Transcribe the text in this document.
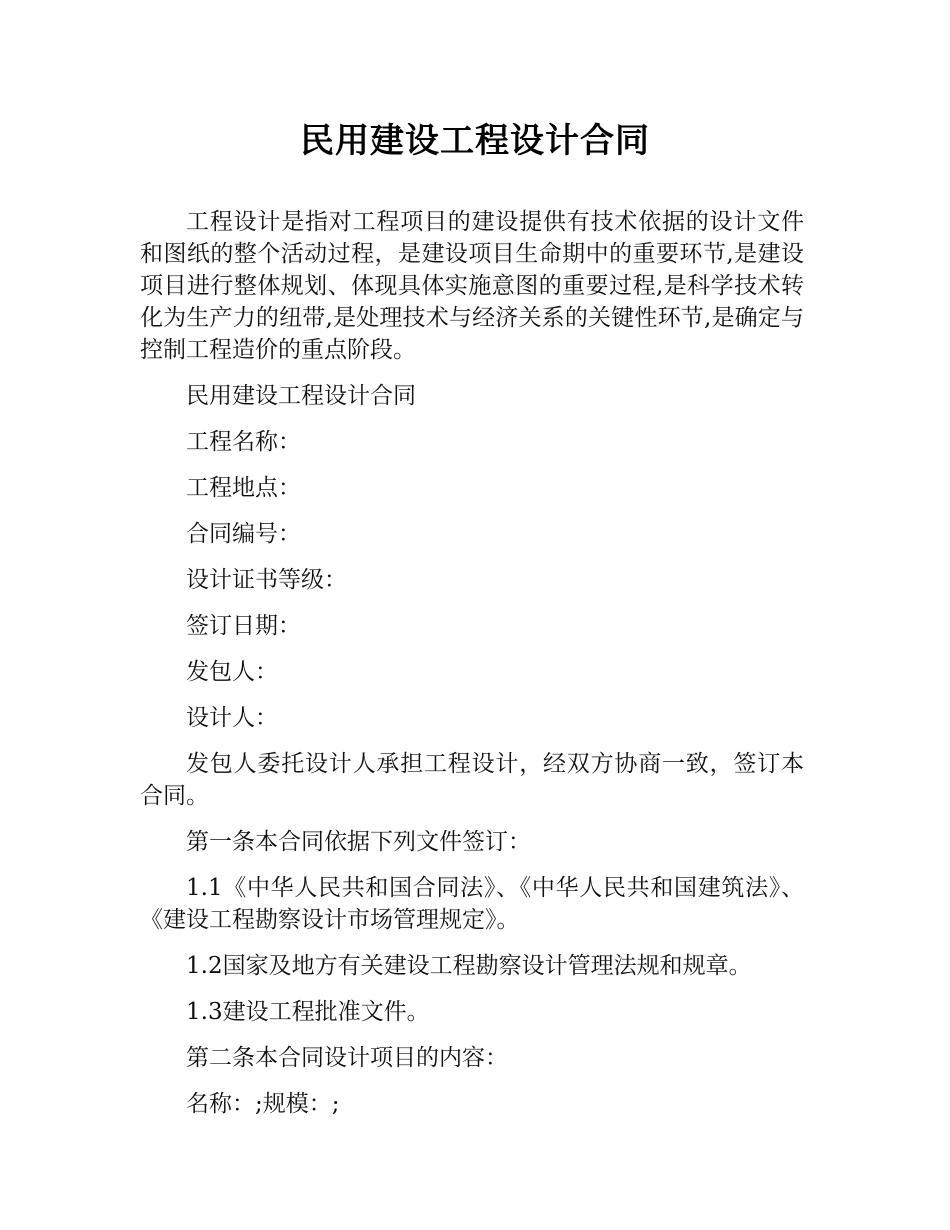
民用建设工程设计合同

工程设计是指对工程项目的建设提供有技术依据的设计文件和图纸的整个活动过程，是建设项目生命期中的重要环节,是建设项目进行整体规划、体现具体实施意图的重要过程,是科学技术转化为生产力的纽带,是处理技术与经济关系的关键性环节,是确定与控制工程造价的重点阶段。

民用建设工程设计合同

工程名称：

工程地点：

合同编号：

设计证书等级：

签订日期：

发包人：

设计人：

发包人委托设计人承担工程设计，经双方协商一致，签订本合同。

第一条本合同依据下列文件签订：

1.1《中华人民共和国合同法》、《中华人民共和国建筑法》、《建设工程勘察设计市场管理规定》。

1.2国家及地方有关建设工程勘察设计管理法规和规章。

1.3建设工程批准文件。

第二条本合同设计项目的内容：

名称：;规模：;
